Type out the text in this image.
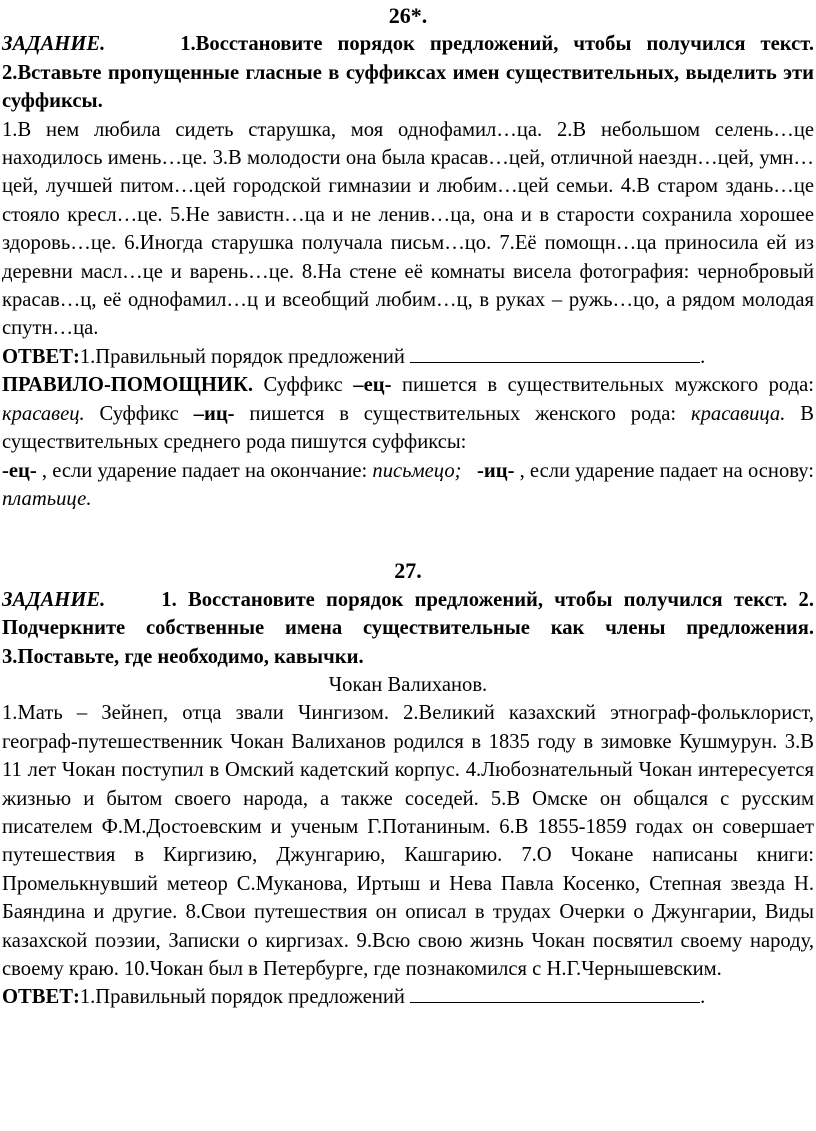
26*.

ЗАДАНИЕ.	1.Восстановите порядок предложений, чтобы получился текст. 2.Вставьте пропущенные гласные в суффиксах имен существительных, выделить эти суффиксы.

1.В нем любила сидеть старушка, моя однофамил…ца. 2.В небольшом селень…це находилось имень…це. 3.В молодости она была красав…цей, отличной наездн…цей, умн…цей, лучшей питом…цей городской гимназии и любим…цей семьи. 4.В старом здань…це стояло кресл…це. 5.Не завистн…ца и не ленив…ца, она и в старости сохранила хорошее здоровь…це. 6.Иногда старушка получала письм…цо. 7.Её помощн…ца приносила ей из деревни масл…це и варень…це. 8.На стене её комнаты висела фотография: чернобровый красав…ц, её однофамил…ц и всеобщий любим…ц, в руках – ружь…цо, а рядом молодая спутн…ца.

ОТВЕТ:1.Правильный порядок предложений	.

ПРАВИЛО-ПОМОЩНИК. Суффикс –ец- пишется в существительных мужского рода: красавец. Суффикс –иц- пишется в существительных женского рода: красавица. В существительных среднего рода пишутся суффиксы:

-ец- , если ударение падает на окончание: письмецо; -иц- , если ударение падает на основу: платьице.

27.

ЗАДАНИЕ.	1. Восстановите порядок предложений, чтобы получился текст. 2. Подчеркните собственные имена существительные как члены предложения. 3.Поставьте, где необходимо, кавычки.

Чокан Валиханов.

1.Мать – Зейнеп, отца звали Чингизом. 2.Великий казахский этнограф-фольклорист, географ-путешественник Чокан Валиханов родился в 1835 году в зимовке Кушмурун. 3.В 11 лет Чокан поступил в Омский кадетский корпус. 4.Любознательный Чокан интересуется жизнью и бытом своего народа, а также соседей. 5.В Омске он общался с русским писателем Ф.М.Достоевским и ученым Г.Потаниным. 6.В 1855-1859 годах он совершает путешествия в Киргизию, Джунгарию, Кашгарию. 7.О Чокане написаны книги: Промелькнувший метеор С.Муканова, Иртыш и Нева Павла Косенко, Степная звезда Н. Баяндина и другие. 8.Свои путешествия он описал в трудах Очерки о Джунгарии, Виды казахской поэзии, Записки о киргизах. 9.Всю свою жизнь Чокан посвятил своему народу, своему краю. 10.Чокан был в Петербурге, где познакомился с Н.Г.Чернышевским.

ОТВЕТ:1.Правильный порядок предложений	.
